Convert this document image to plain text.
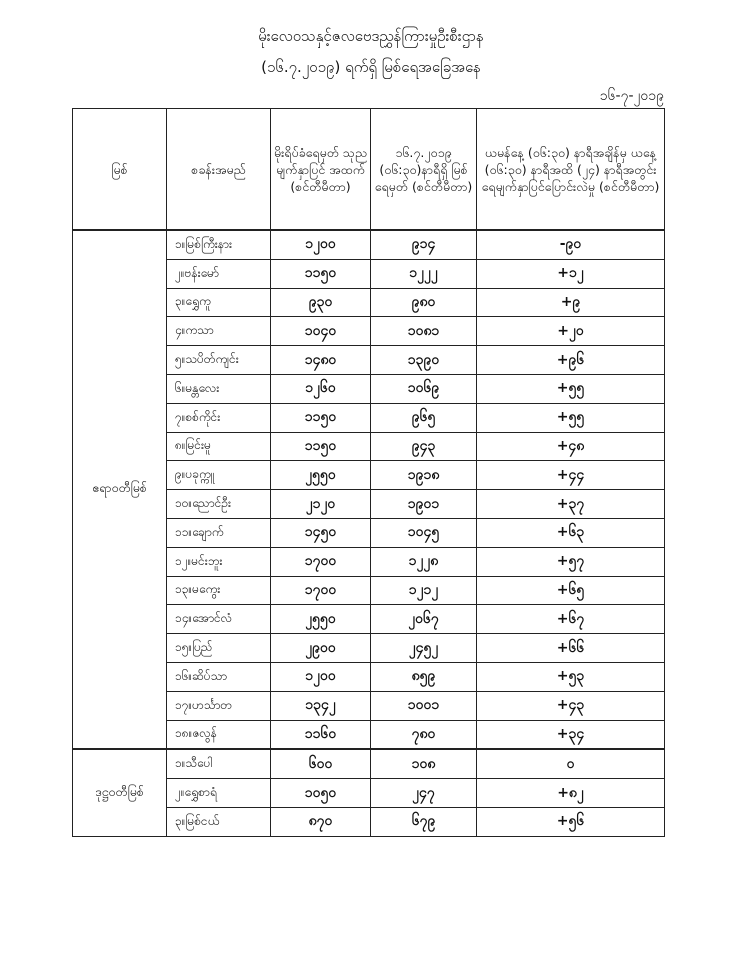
မိုးလေဝသနှင့်ဇလဗေဒညွှန်ကြားမှုဦးစီးဌာန
(၁၆.၇.၂၀၁၉) ရက်ရှိ မြစ်ရေအခြေအနေ
၁၆-၇-၂၀၁၉
မြစ်	စခန်းအမည်	မိုးရိပ်ခံရေမှတ် သုည မျက်နှာပြင် အထက် (စင်တီမီတာ)	၁၆.၇.၂၀၁၉ (၀၆:၃၀)နာရီရှိ မြစ်ရေမှတ် (စင်တီမီတာ)	ယမန်နေ့ (၀၆:၃၀) နာရီအချိန်မှ ယနေ့ (၀၆:၃၀) နာရီအထိ (၂၄) နာရီအတွင်း ရေမျက်နှာပြင်ပြောင်းလဲမှု (စင်တီမီတာ)
ဧရာဝတီမြစ်	၁။မြစ်ကြီးနား	၁၂၀၀	၉၁၄	-၉၀
	၂။ဗန်းမော်	၁၁၅၀	၁၂၂၂	+၁၂
	၃။ရွှေကူ	၉၃၀	၉၈၀	+၉
	၄။ကသာ	၁၀၄၀	၁၀၈၁	+၂၀
	၅။သပိတ်ကျင်း	၁၄၈၀	၁၃၉၀	+၉၆
	၆။မန္တလေး	၁၂၆၀	၁၀၆၉	+၅၅
	၇။စစ်ကိုင်း	၁၁၅၀	၉၆၅	+၅၅
	၈။မြင်းမူ	၁၁၅၀	၉၄၃	+၄၈
	၉။ပခုက္ကူ	၂၅၅၀	၁၉၁၈	+၄၄
	၁၀။ညောင်ဦး	၂၁၂၀	၁၉၀၁	+၃၇
	၁၁။ချောက်	၁၄၅၀	၁၀၄၅	+၆၃
	၁၂။မင်းဘူး	၁၇၀၀	၁၂၂၈	+၅၇
	၁၃။မကွေး	၁၇၀၀	၁၂၁၂	+၆၅
	၁၄။အောင်လံ	၂၅၅၀	၂၀၆၇	+၆၇
	၁၅။ပြည်	၂၉၀၀	၂၄၅၂	+၆၆
	၁၆။ဆိပ်သာ	၁၂၀၀	၈၅၉	+၅၃
	၁၇။ဟင်္သာတ	၁၃၄၂	၁၀၀၁	+၄၃
	၁၈။ဇလွန်	၁၁၆၀	၇၈၀	+၃၄
ဒုဋ္ဌဝတီမြစ်	၁။သီပေါ	၆၀၀	၁၀၈	၀
	၂။ရွှေစာရံ	၁၀၅၀	၂၄၇	+၈၂
	၃။မြစ်ငယ်	၈၇၀	၆၇၉	+၅၆
